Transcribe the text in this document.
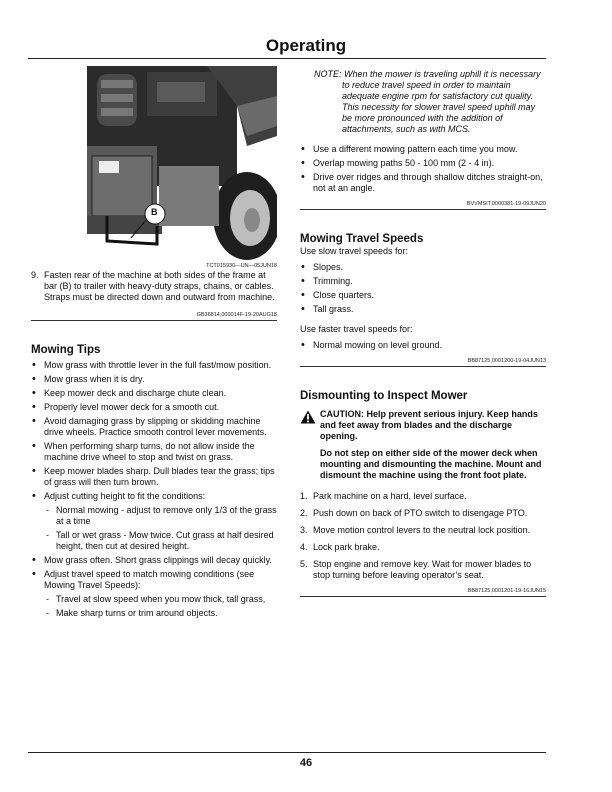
Operating
B
TCT015930—UN—05JUN18
9. Fasten rear of the machine at both sides of the frame at bar (B) to trailer with heavy-duty straps, chains, or cables. Straps must be directed down and outward from machine.
GB36814,000014F-19-20AUG18
Mowing Tips
• Mow grass with throttle lever in the full fast/mow position.
• Mow grass when it is dry.
• Keep mower deck and discharge chute clean.
• Properly level mower deck for a smooth cut.
• Avoid damaging grass by slipping or skidding machine drive wheels. Practice smooth control lever movements.
• When performing sharp turns, do not allow inside the machine drive wheel to stop and twist on grass.
• Keep mower blades sharp. Dull blades tear the grass; tips of grass will then turn brown.
• Adjust cutting height to fit the conditions:
- Normal mowing - adjust to remove only 1/3 of the grass at a time
- Tall or wet grass - Mow twice. Cut grass at half desired height, then cut at desired height.
• Mow grass often. Short grass clippings will decay quickly.
• Adjust travel speed to match mowing conditions (see Mowing Travel Speeds):
- Travel at slow speed when you mow thick, tall grass,
- Make sharp turns or trim around objects.
NOTE: When the mower is traveling uphill it is necessary to reduce travel speed in order to maintain adequate engine rpm for satisfactory cut quality. This necessity for slower travel speed uphill may be more pronounced with the addition of attachments, such as with MCS.
• Use a different mowing pattern each time you mow.
• Overlap mowing paths 50 - 100 mm (2 - 4 in).
• Drive over ridges and through shallow ditches straight-on, not at an angle.
BVVMSIT,0000381-19-09JUN20
Mowing Travel Speeds
Use slow travel speeds for:
• Slopes.
• Trimming.
• Close quarters.
• Tall grass.
Use faster travel speeds for:
• Normal mowing on level ground.
BB87125,0001200-19-04JUN13
Dismounting to Inspect Mower

CAUTION: Help prevent serious injury. Keep hands and feet away from blades and the discharge opening.

Do not step on either side of the mower deck when mounting and dismounting the machine. Mount and dismount the machine using the front foot plate.

1. Park machine on a hard, level surface.
2. Push down on back of PTO switch to disengage PTO.
3. Move motion control levers to the neutral lock position.
4. Lock park brake.
5. Stop engine and remove key. Wait for mower blades to stop turning before leaving operator’s seat.
BB87125,0001201-19-16JUN15
46
